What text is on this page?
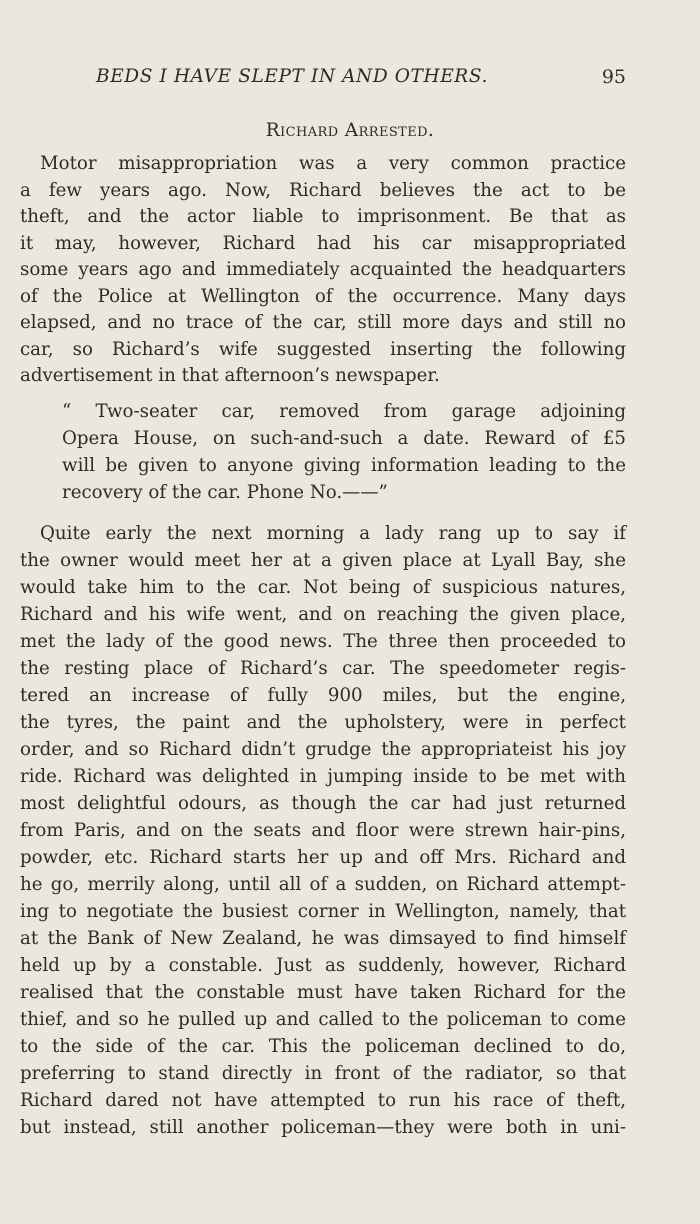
BEDS I HAVE SLEPT IN AND OTHERS.	95
Richard Arrested.
Motor misappropriation was a very common practice
a few years ago. Now, Richard believes the act to be
theft, and the actor liable to imprisonment. Be that as
it may, however, Richard had his car misappropriated
some years ago and immediately acquainted the headquarters
of the Police at Wellington of the occurrence. Many days
elapsed, and no trace of the car, still more days and still no
car, so Richard’s wife suggested inserting the following
advertisement in that afternoon’s newspaper.
“ Two-seater car, removed from garage adjoining
Opera House, on such-and-such a date. Reward of £5
will be given to anyone giving information leading to the
recovery of the car. Phone No.——”
Quite early the next morning a lady rang up to say if
the owner would meet her at a given place at Lyall Bay, she
would take him to the car. Not being of suspicious natures,
Richard and his wife went, and on reaching the given place,
met the lady of the good news. The three then proceeded to
the resting place of Richard’s car. The speedometer regis-
tered an increase of fully 900 miles, but the engine,
the tyres, the paint and the upholstery, were in perfect
order, and so Richard didn’t grudge the appropriateist his joy
ride. Richard was delighted in jumping inside to be met with
most delightful odours, as though the car had just returned
from Paris, and on the seats and floor were strewn hair-pins,
powder, etc. Richard starts her up and off Mrs. Richard and
he go, merrily along, until all of a sudden, on Richard attempt-
ing to negotiate the busiest corner in Wellington, namely, that
at the Bank of New Zealand, he was dimsayed to find himself
held up by a constable. Just as suddenly, however, Richard
realised that the constable must have taken Richard for the
thief, and so he pulled up and called to the policeman to come
to the side of the car. This the policeman declined to do,
preferring to stand directly in front of the radiator, so that
Richard dared not have attempted to run his race of theft,
but instead, still another policeman—they were both in uni-
